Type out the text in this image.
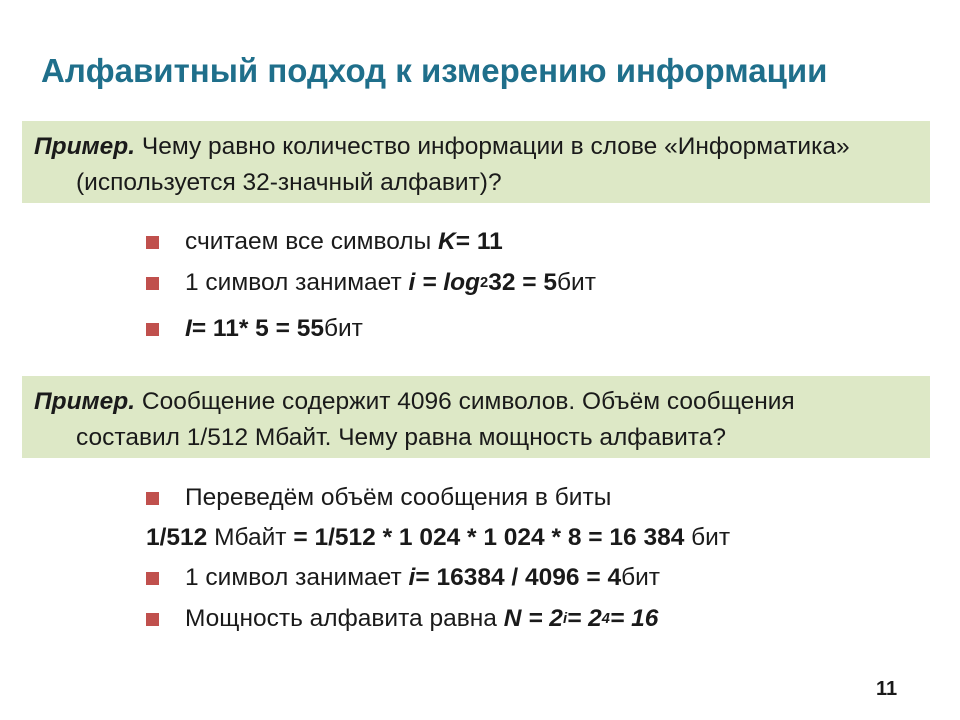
Алфавитный подход к измерению информации
Пример. Чему равно количество информации в слове «Информатика»
(используется 32-значный алфавит)?
считаем все символы
K = 11
1 символ занимает
i = log 2 32 = 5 бит
I = 11* 5 = 55 бит
Пример. Сообщение содержит 4096 символов. Объём сообщения
составил 1/512 Мбайт. Чему равна мощность алфавита?
Переведём объём сообщения в биты
1/512 Мбайт = 1/512 * 1 024 * 1 024 * 8 = 16 384 бит
1 символ занимает
i = 16384 / 4096 = 4 бит
Мощность алфавита равна
N = 2 i = 2 4 = 16
11
